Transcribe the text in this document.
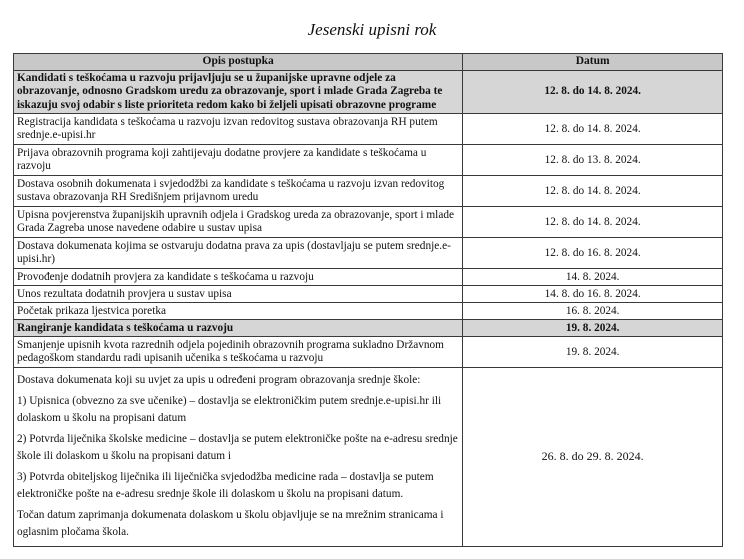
Jesenski upisni rok
Opis postupka	Datum
Kandidati s teškoćama u razvoju prijavljuju se u županijske upravne odjele za obrazovanje, odnosno Gradskom uredu za obrazovanje, sport i mlade Grada Zagreba te iskazuju svoj odabir s liste prioriteta redom kako bi željeli upisati obrazovne programe	12. 8. do 14. 8. 2024.
Registracija kandidata s teškoćama u razvoju izvan redovitog sustava obrazovanja RH putem srednje.e-upisi.hr	12. 8. do 14. 8. 2024.
Prijava obrazovnih programa koji zahtijevaju dodatne provjere za kandidate s teškoćama u razvoju	12. 8. do 13. 8. 2024.
Dostava osobnih dokumenata i svjedodžbi za kandidate s teškoćama u razvoju izvan redovitog sustava obrazovanja RH Središnjem prijavnom uredu	12. 8. do 14. 8. 2024.
Upisna povjerenstva županijskih upravnih odjela i Gradskog ureda za obrazovanje, sport i mlade Grada Zagreba unose navedene odabire u sustav upisa	12. 8. do 14. 8. 2024.
Dostava dokumenata kojima se ostvaruju dodatna prava za upis (dostavljaju se putem srednje.e-upisi.hr)	12. 8. do 16. 8. 2024.
Provođenje dodatnih provjera za kandidate s teškoćama u razvoju	14. 8. 2024.
Unos rezultata dodatnih provjera u sustav upisa	14. 8. do 16. 8. 2024.
Početak prikaza ljestvica poretka	16. 8. 2024.
Rangiranje kandidata s teškoćama u razvoju	19. 8. 2024.
Smanjenje upisnih kvota razrednih odjela pojedinih obrazovnih programa sukladno Državnom pedagoškom standardu radi upisanih učenika s teškoćama u razvoju	19. 8. 2024.

Dostava dokumenata koji su uvjet za upis u određeni program obrazovanja srednje škole:
1) Upisnica (obvezno za sve učenike) – dostavlja se elektroničkim putem srednje.e-upisi.hr ili dolaskom u školu na propisani datum
2) Potvrda liječnika školske medicine – dostavlja se putem elektroničke pošte na e-adresu srednje škole ili dolaskom u školu na propisani datum i
3) Potvrda obiteljskog liječnika ili liječnička svjedodžba medicine rada – dostavlja se putem elektroničke pošte na e-adresu srednje škole ili dolaskom u školu na propisani datum.
Točan datum zaprimanja dokumenata dolaskom u školu objavljuje se na mrežnim stranicama i oglasnim pločama škola.	26. 8. do 29. 8. 2024.
